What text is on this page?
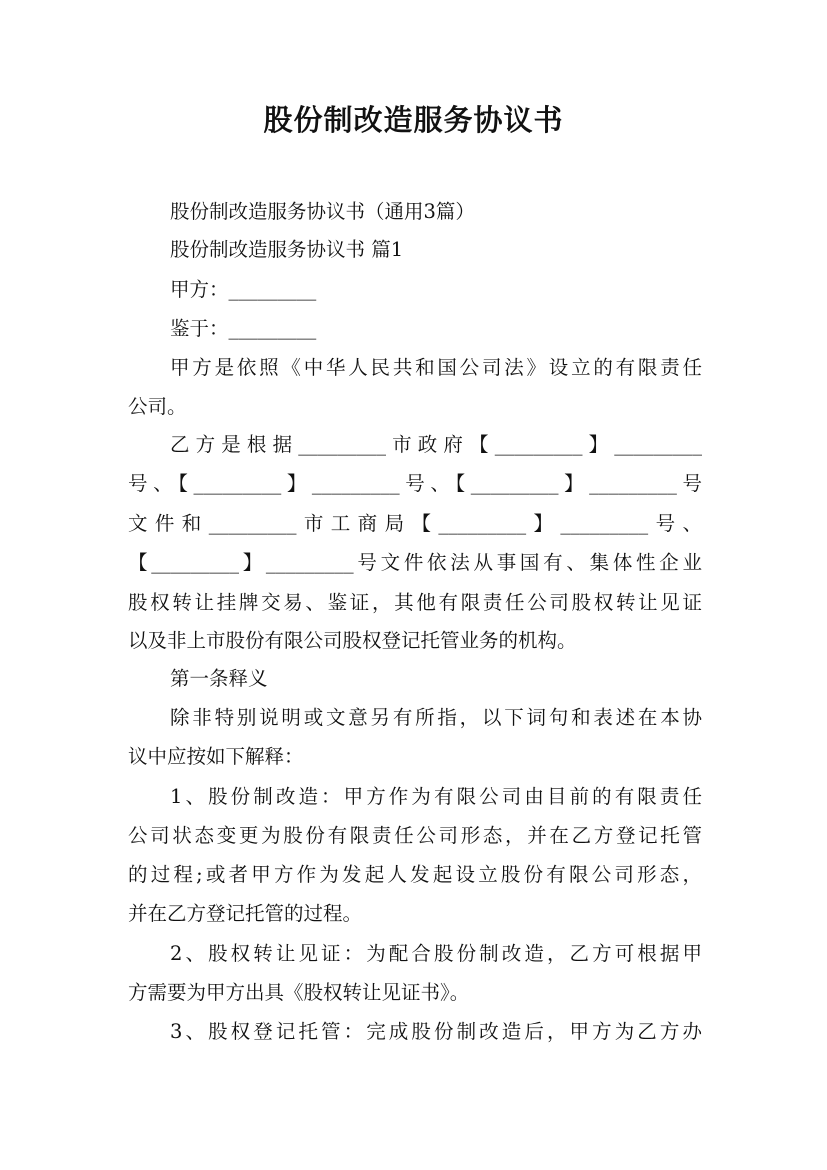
股份制改造服务协议书
股份制改造服务协议书（通用3篇）
股份制改造服务协议书 篇1
甲方：_________
鉴于：_________
甲方是依照《中华人民共和国公司法》设立的有限责任
公司。
乙方是根据_________市政府【_________】_________
号、【_________】_________号、【_________】_________号
文件和_________市工商局【_________】_________号、
【_________】_________号文件依法从事国有、集体性企业
股权转让挂牌交易、鉴证，其他有限责任公司股权转让见证
以及非上市股份有限公司股权登记托管业务的机构。
第一条释义
除非特别说明或文意另有所指，以下词句和表述在本协
议中应按如下解释：
1、股份制改造：甲方作为有限公司由目前的有限责任
公司状态变更为股份有限责任公司形态，并在乙方登记托管
的过程;或者甲方作为发起人发起设立股份有限公司形态，
并在乙方登记托管的过程。
2、股权转让见证：为配合股份制改造，乙方可根据甲
方需要为甲方出具《股权转让见证书》。
3、股权登记托管：完成股份制改造后，甲方为乙方办
